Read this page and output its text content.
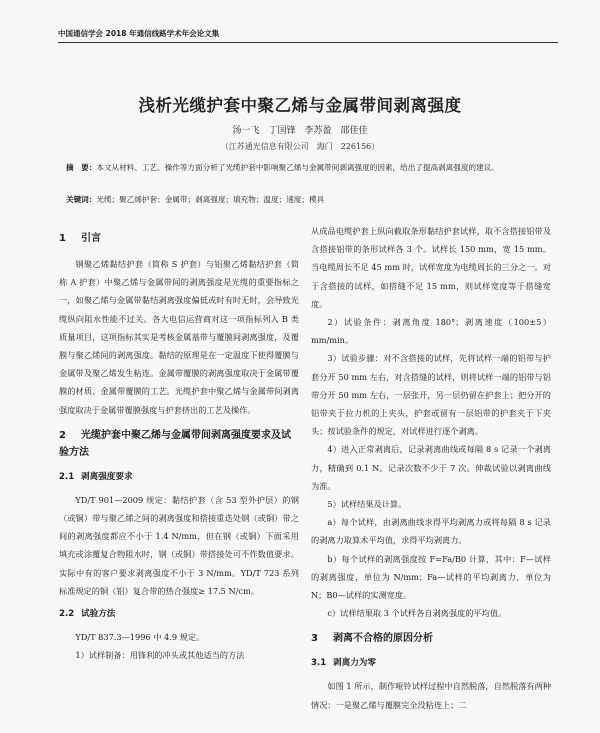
中国通信学会 2018 年通信线路学术年会论文集
浅析光缆护套中聚乙烯与金属带间剥离强度
汤一飞　丁国锋　李苏盈　邵佳佳
（江苏通光信息有限公司　海门　226156）
摘　要：本文从材料、工艺、操作等方面分析了光缆护套中影响聚乙烯与金属带间剥离强度的因素，给出了提高剥离强度的建议。
关键词：光缆；聚乙烯护套；金属带；剥离强度；填充物；温度；速度；模具
1 引言

钢聚乙烯黏结护套（简称 S 护套）与铝聚乙烯黏结护套（简称 A 护套）中聚乙烯与金属带间的剥离强度是光缆的重要指标之一，如聚乙烯与金属带黏结剥离强度偏低或时有时无时，会导致光缆纵向阻水性能不过关。各大电信运营商对这一项指标列入 B 类质量项目，这项指标其实是考核金属基带与覆膜间剥离强度，及覆膜与聚乙烯间的剥离强度。黏结的原理是在一定温度下使得覆膜与金属带及聚乙烯发生粘连。金属带覆膜的剥离强度取决于金属带覆膜的材质、金属带覆膜的工艺。光缆护套中聚乙烯与金属带间剥离强度取决于金属带覆膜强度与护套挤出的工艺及操作。

2 光缆护套中聚乙烯与金属带间剥离强度要求及试验方法
2.1 剥离强度要求

YD/T 901—2009 规定：黏结护套（含 53 型外护层）的钢（或铜）带与聚乙烯之间的剥离强度和搭接重迭处钢（或铜）带之间的剥离强度都应不小于 1.4 N/mm，但在钢（或铜）下面采用填充或涂覆复合物阻水时，钢（或铜）带搭接处可不作数值要求。实际中有的客户要求剥离强度不小于 3 N/mm。YD/T 723 系列标准规定的铜（铝）复合带的热合强度≥ 17.5 N/cm。

2.2 试验方法

YD/T 837.3—1996 中 4.9 规定。

1）试样制备：用锋利的冲头或其他适当的方法

从成品电缆护套上纵向截取条形黏结护套试样，取不含搭接铝带及含搭接铝带的条形试样各 3 个。试样长 150 mm，宽 15 mm。当电缆周长不足 45 mm 时，试样宽度为电缆周长的三分之一。对于含搭接的试样，如搭缝不足 15 mm，则试样宽度等于搭缝宽度。

2）试验条件：剥离角度 180°；剥离速度（100±5）mm/min。

3）试验步骤：对不含搭接的试样，先将试样一端的铝带与护套分开 50 mm 左右，对含搭缝的试样，则将试样一端的铝带与铝带分开 50 mm 左右，一层张开，另一层仍留在护套上；把分开的铝带夹于拉力机的上夹头，护套或留有一层铝带的护套夹于下夹头；按试验条件的规定，对试样进行逐个剥离。

4）进入正常剥离后，记录剥离曲线或每隔 8 s 记录一个剥离力，精确到 0.1 N。记录次数不少于 7 次。伸裁试验以剥离曲线为准。

5）试样结果及计算。

a）每个试样，由剥离曲线求得平均剥离力或将每隔 8 s 记录的剥离力取算术平均值，求得平均剥离力。

b）每个试样的剥离强度按 F=Fa/B0 计算，其中：F—试样的剥离强度，单位为 N/mm；Fa—试样的平均剥离力，单位为 N；B0—试样的实测宽度。

c）试样结果取 3 个试样各自剥离强度的平均值。

3 剥离不合格的原因分析
3.1 剥离力为零

如图 1 所示，制作哑铃试样过程中自然脱落，自然脱落有两种情况：一是聚乙烯与覆膜完全没粘连上；二
